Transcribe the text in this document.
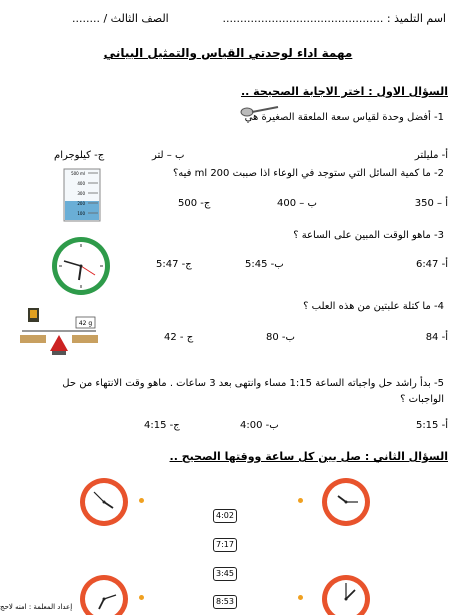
اسم التلميذ : ..............................................
الصف الثالث / ........
مهمة اداء لوحدتي القياس والتمثيل البياني
السؤال الاول : اختر الاجابة الصحيحة ..
1- أفضل وحدة لقياس سعة الملعقة الصغيرة هي
أ- مليلتر
ب – لتر
ج- كيلوجرام
500 ml
400
300
200
100
2- ما كمية السائل التي ستوجد في الوعاء اذا صببت 200 ml فيه؟
أ – 350
ب – 400
ج- 500
3- ماهو الوقت المبين على الساعة ؟
أ- 6:47
ب- 5:45
ج- 5:47
42 g
4- ما كتلة علبتين من هذه العلب ؟
أ- 84
ب- 80
ج - 42
5- بدأ راشد حل واجباته الساعة 1:15 مساء وانتهى بعد 3 ساعات . ماهو وقت الانتهاء من حل الواجبات ؟
أ- 5:15
ب- 4:00
ج- 4:15
السؤال الثاني : صل بين كل ساعة ووقتها الصحيح ..
4:02
7:17
3:45
8:53
إعداد المعلمة : امنه لاحج
